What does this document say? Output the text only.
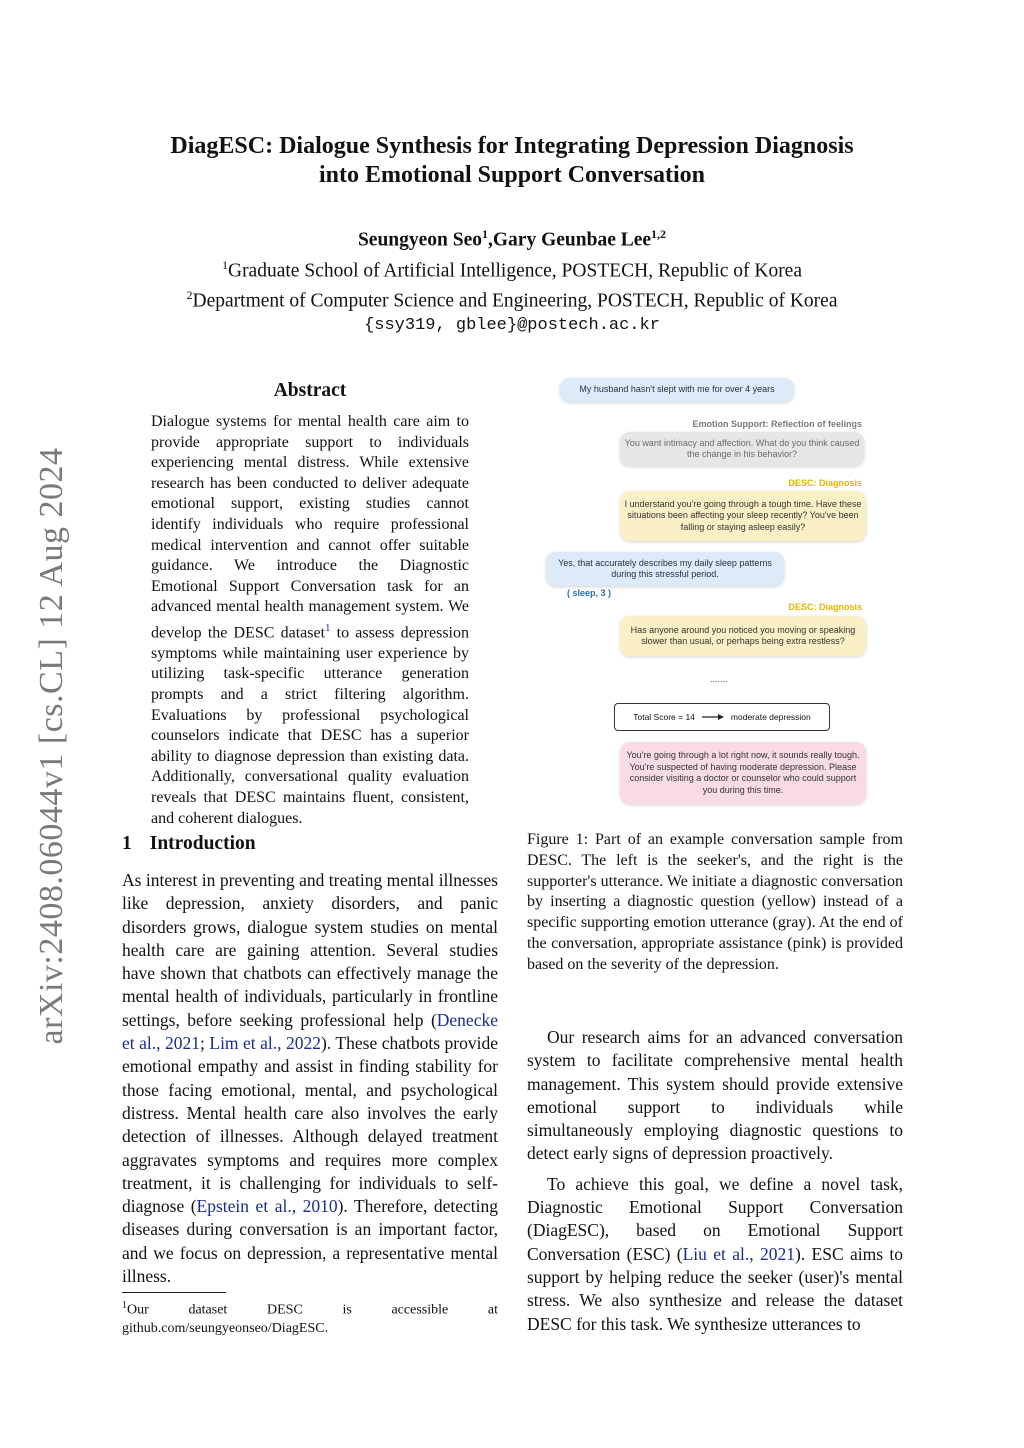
DiagESC: Dialogue Synthesis for Integrating Depression Diagnosis
into Emotional Support Conversation
Seungyeon Seo$^1$,Gary Geunbae Lee$^{1,2}$
$^1$Graduate School of Artificial Intelligence, POSTECH, Republic of Korea
$^2$Department of Computer Science and Engineering, POSTECH, Republic of Korea
{ssy319, gblee}@postech.ac.kr
arXiv:2408.06044v1 [cs.CL] 12 Aug 2024
Abstract
Dialogue systems for mental health care aim to provide appropriate support to individuals experiencing mental distress. While extensive research has been conducted to deliver adequate emotional support, existing studies cannot identify individuals who require professional medical intervention and cannot offer suitable guidance. We introduce the Diagnostic Emotional Support Conversation task for an advanced mental health management system. We develop the DESC dataset$^1$ to assess depression symptoms while maintaining user experience by utilizing task-specific utterance generation prompts and a strict filtering algorithm. Evaluations by professional psychological counselors indicate that DESC has a superior ability to diagnose depression than existing data. Additionally, conversational quality evaluation reveals that DESC maintains fluent, consistent, and coherent dialogues.
1 Introduction
As interest in preventing and treating mental illnesses like depression, anxiety disorders, and panic disorders grows, dialogue system studies on mental health care are gaining attention. Several studies have shown that chatbots can effectively manage the mental health of individuals, particularly in frontline settings, before seeking professional help (Denecke et al., 2021; Lim et al., 2022). These chatbots provide emotional empathy and assist in finding stability for those facing emotional, mental, and psychological distress. Mental health care also involves the early detection of illnesses. Although delayed treatment aggravates symptoms and requires more complex treatment, it is challenging for individuals to self-diagnose (Epstein et al., 2010). Therefore, detecting diseases during conversation is an important factor, and we focus on depression, a representative mental illness.
$^1$Our dataset DESC is accessible at github.com/seungyeonseo/DiagESC.
My husband hasn't slept with me for over 4 years
Emotion Support: Reflection of feelings
You want intimacy and affection. What do you think caused the change in his behavior?
DESC: Diagnosis
I understand you're going through a tough time. Have these situations been affecting your sleep recently? You've been falling or staying asleep easily?
Yes, that accurately describes my daily sleep patterns during this stressful period.
( sleep, 3 )
DESC: Diagnosis
Has anyone around you noticed you moving or speaking slower than usual, or perhaps being extra restless?
.......
Total Score = 14	moderate depression
You're going through a lot right now, it sounds really tough. You're suspected of having moderate depression. Please consider visiting a doctor or counselor who could support you during this time.
Figure 1: Part of an example conversation sample from DESC. The left is the seeker's, and the right is the supporter's utterance. We initiate a diagnostic conversation by inserting a diagnostic question (yellow) instead of a specific supporting emotion utterance (gray). At the end of the conversation, appropriate assistance (pink) is provided based on the severity of the depression.

Our research aims for an advanced conversation system to facilitate comprehensive mental health management. This system should provide extensive emotional support to individuals while simultaneously employing diagnostic questions to detect early signs of depression proactively.

To achieve this goal, we define a novel task, Diagnostic Emotional Support Conversation (DiagESC), based on Emotional Support Conversation (ESC) (Liu et al., 2021). ESC aims to support by helping reduce the seeker (user)'s mental stress. We also synthesize and release the dataset DESC for this task. We synthesize utterances to
